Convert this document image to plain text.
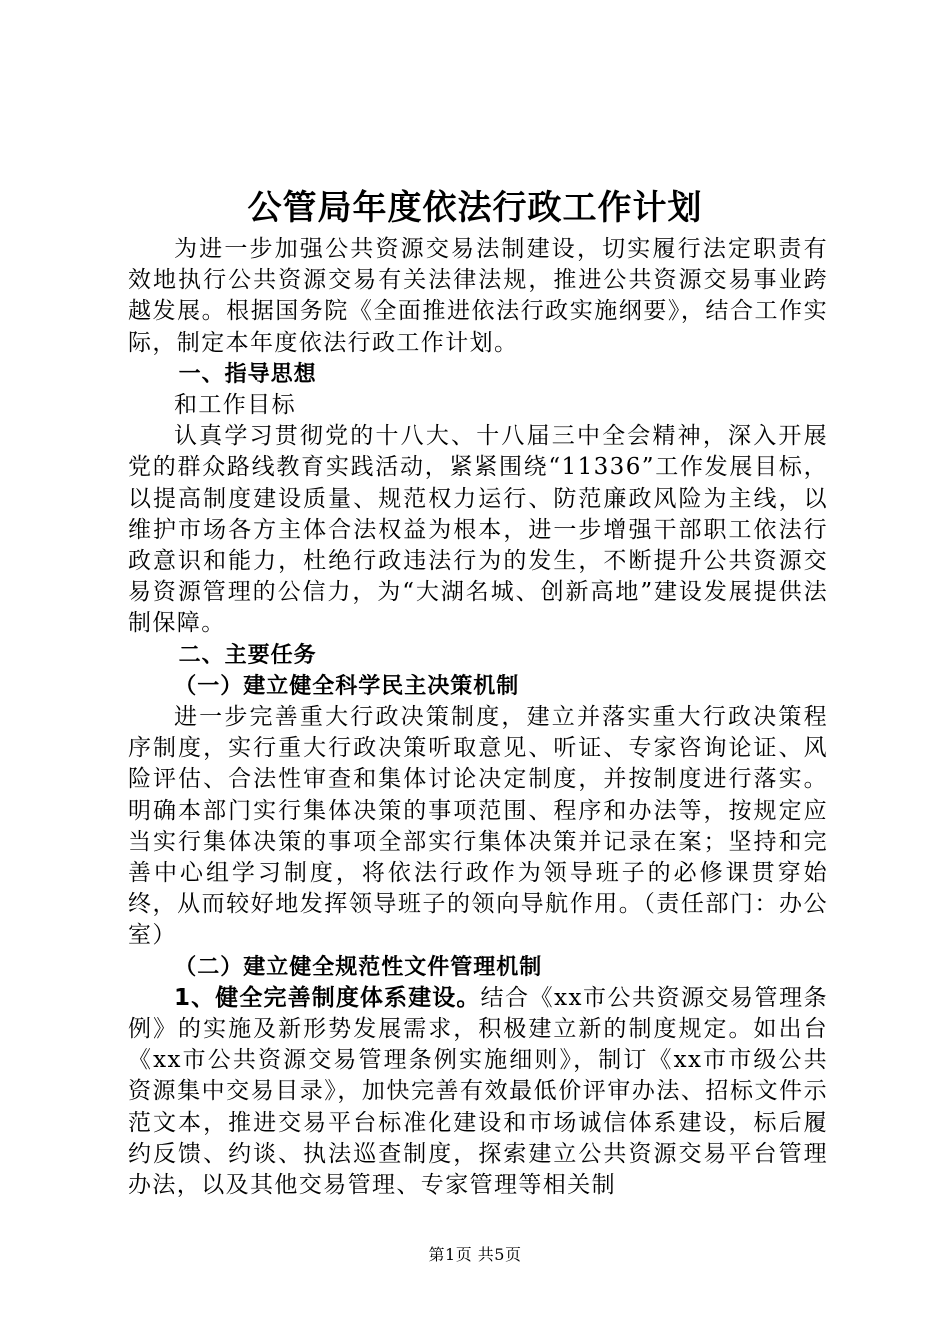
公管局年度依法行政工作计划

为进一步加强公共资源交易法制建设，切实履行法定职责有效地执行公共资源交易有关法律法规，推进公共资源交易事业跨越发展。根据国务院《全面推进依法行政实施纲要》，结合工作实际，制定本年度依法行政工作计划。

一、指导思想

和工作目标

认真学习贯彻党的十八大、十八届三中全会精神，深入开展党的群众路线教育实践活动，紧紧围绕“11336”工作发展目标，以提高制度建设质量、规范权力运行、防范廉政风险为主线，以维护市场各方主体合法权益为根本，进一步增强干部职工依法行政意识和能力，杜绝行政违法行为的发生，不断提升公共资源交易资源管理的公信力，为“大湖名城、创新高地”建设发展提供法制保障。

二、主要任务

（一）建立健全科学民主决策机制

进一步完善重大行政决策制度，建立并落实重大行政决策程序制度，实行重大行政决策听取意见、听证、专家咨询论证、风险评估、合法性审查和集体讨论决定制度，并按制度进行落实。明确本部门实行集体决策的事项范围、程序和办法等，按规定应当实行集体决策的事项全部实行集体决策并记录在案；坚持和完善中心组学习制度，将依法行政作为领导班子的必修课贯穿始终，从而较好地发挥领导班子的领向导航作用。（责任部门：办公室）

（二）建立健全规范性文件管理机制

1、健全完善制度体系建设。结合《xx市公共资源交易管理条例》的实施及新形势发展需求，积极建立新的制度规定。如出台《xx市公共资源交易管理条例实施细则》，制订《xx市市级公共资源集中交易目录》，加快完善有效最低价评审办法、招标文件示范文本，推进交易平台标准化建设和市场诚信体系建设，标后履约反馈、约谈、执法巡查制度，探索建立公共资源交易平台管理办法，以及其他交易管理、专家管理等相关制

第1页 共5页
